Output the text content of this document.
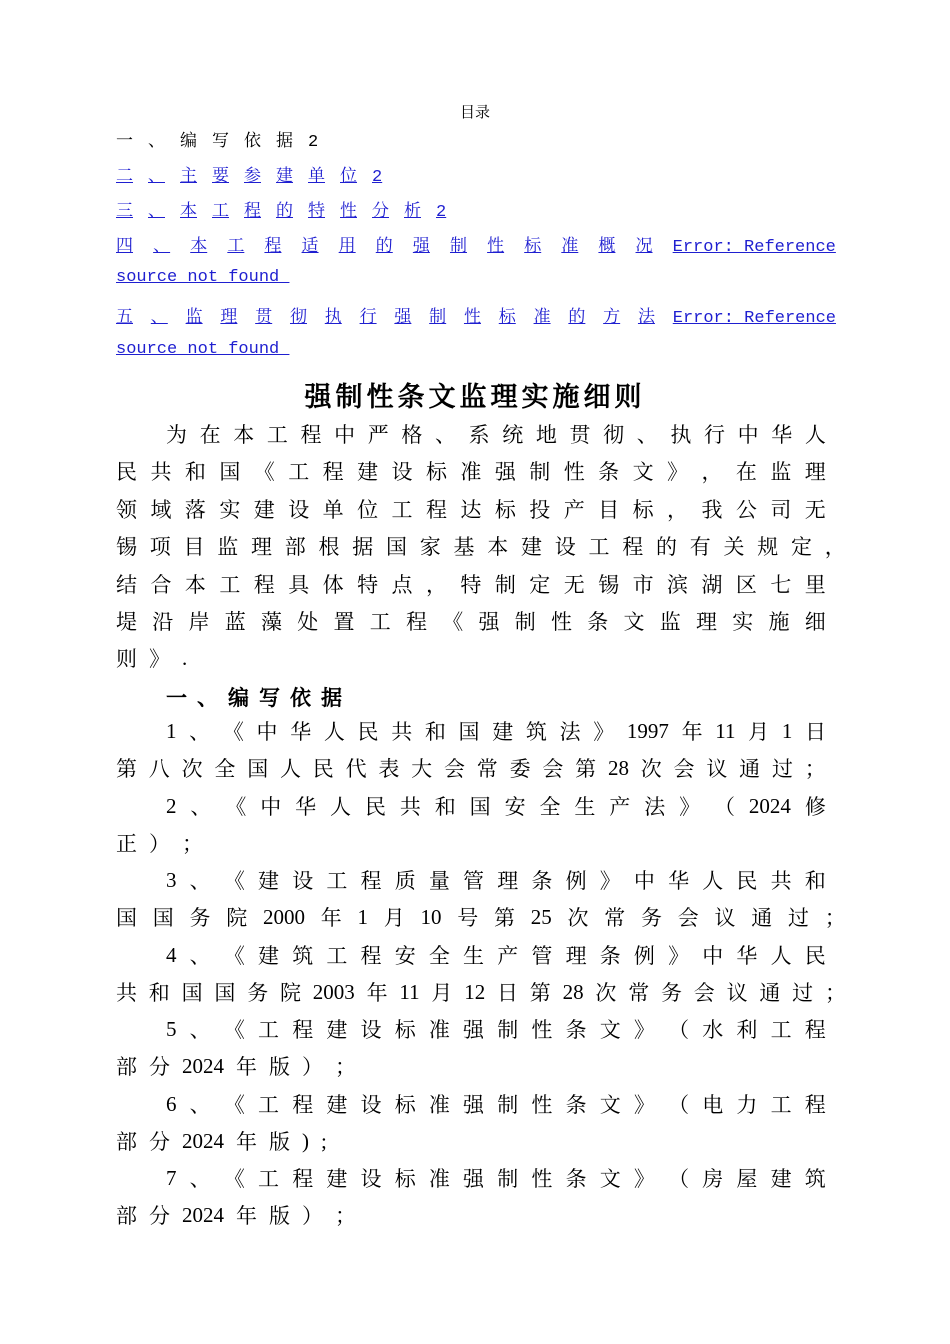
目录
一 、 编 写 依 据 2
二 、 主 要 参 建 单 位 2
三 、 本 工 程 的 特 性 分 析 2
四 、 本 工 程 适 用 的 强 制 性 标 准 概 况 Error: Reference
source not found
五 、 监 理 贯 彻 执 行 强 制 性 标 准 的 方 法 Error: Reference
source not found
强制性条文监理实施细则
为 在 本 工 程 中 严 格 、 系 统 地 贯 彻 、 执 行 中 华 人
民 共 和 国 《 工 程 建 设 标 准 强 制 性 条 文 》 ， 在 监 理
领 域 落 实 建 设 单 位 工 程 达 标 投 产 目 标 ， 我 公 司 无
锡 项 目 监 理 部 根 据 国 家 基 本 建 设 工 程 的 有 关 规 定 ，
结 合 本 工 程 具 体 特 点 ， 特 制 定 无 锡 市 滨 湖 区 七 里
堤 沿 岸 蓝 藻 处 置 工 程 《 强 制 性 条 文 监 理 实 施 细
则 》 .
一、编写依据
1 、 《 中 华 人 民 共 和 国 建 筑 法 》 1997 年 11 月 1 日
第 八 次 全 国 人 民 代 表 大 会 常 委 会 第 28 次 会 议 通 过 ；
2 、 《 中 华 人 民 共 和 国 安 全 生 产 法 》 （ 2024 修
正 ） ；
3 、 《 建 设 工 程 质 量 管 理 条 例 》 中 华 人 民 共 和
国 国 务 院 2000 年 1 月 10 号 第 25 次 常 务 会 议 通 过 ；
4 、 《 建 筑 工 程 安 全 生 产 管 理 条 例 》 中 华 人 民
共 和 国 国 务 院 2003 年 11 月 12 日 第 28 次 常 务 会 议 通 过 ；
5 、 《 工 程 建 设 标 准 强 制 性 条 文 》 （ 水 利 工 程
部 分 2024 年 版 ） ；
6 、 《 工 程 建 设 标 准 强 制 性 条 文 》 （ 电 力 工 程
部 分 2024 年 版 ) ;
7 、 《 工 程 建 设 标 准 强 制 性 条 文 》 （ 房 屋 建 筑
部 分 2024 年 版 ） ；
